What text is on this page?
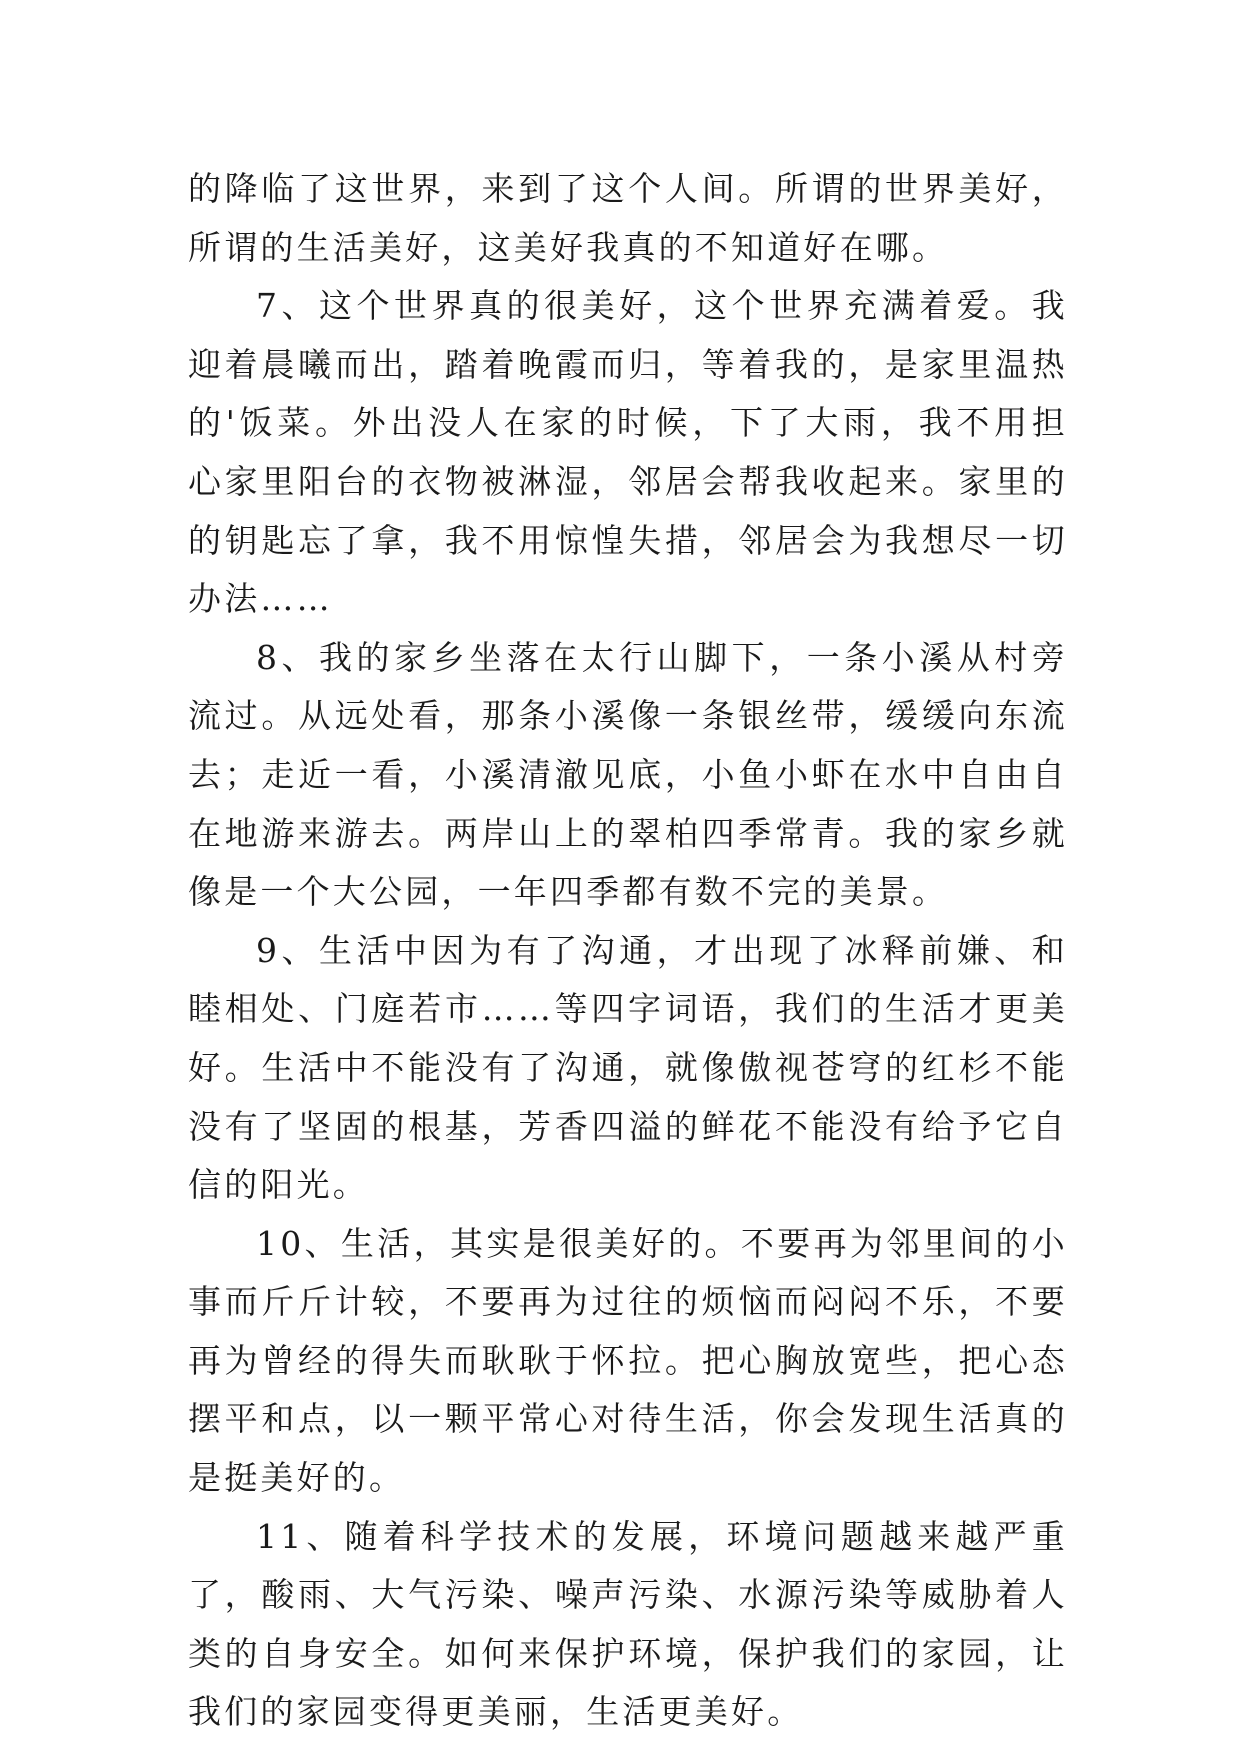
的降临了这世界，来到了这个人间。所谓的世界美好，所谓的生活美好，这美好我真的不知道好在哪。

7、这个世界真的很美好，这个世界充满着爱。我迎着晨曦而出，踏着晚霞而归，等着我的，是家里温热的'饭菜。外出没人在家的时候，下了大雨，我不用担心家里阳台的衣物被淋湿，邻居会帮我收起来。家里的的钥匙忘了拿，我不用惊惶失措，邻居会为我想尽一切办法……

8、我的家乡坐落在太行山脚下，一条小溪从村旁流过。从远处看，那条小溪像一条银丝带，缓缓向东流去；走近一看，小溪清澈见底，小鱼小虾在水中自由自在地游来游去。两岸山上的翠柏四季常青。我的家乡就像是一个大公园，一年四季都有数不完的美景。

9、生活中因为有了沟通，才出现了冰释前嫌、和睦相处、门庭若市……等四字词语，我们的生活才更美好。生活中不能没有了沟通，就像傲视苍穹的红杉不能没有了坚固的根基，芳香四溢的鲜花不能没有给予它自信的阳光。

10、生活，其实是很美好的。不要再为邻里间的小事而斤斤计较，不要再为过往的烦恼而闷闷不乐，不要再为曾经的得失而耿耿于怀拉。把心胸放宽些，把心态摆平和点，以一颗平常心对待生活，你会发现生活真的是挺美好的。

11、随着科学技术的发展，环境问题越来越严重了，酸雨、大气污染、噪声污染、水源污染等威胁着人类的自身安全。如何来保护环境，保护我们的家园，让我们的家园变得更美丽，生活更美好。
